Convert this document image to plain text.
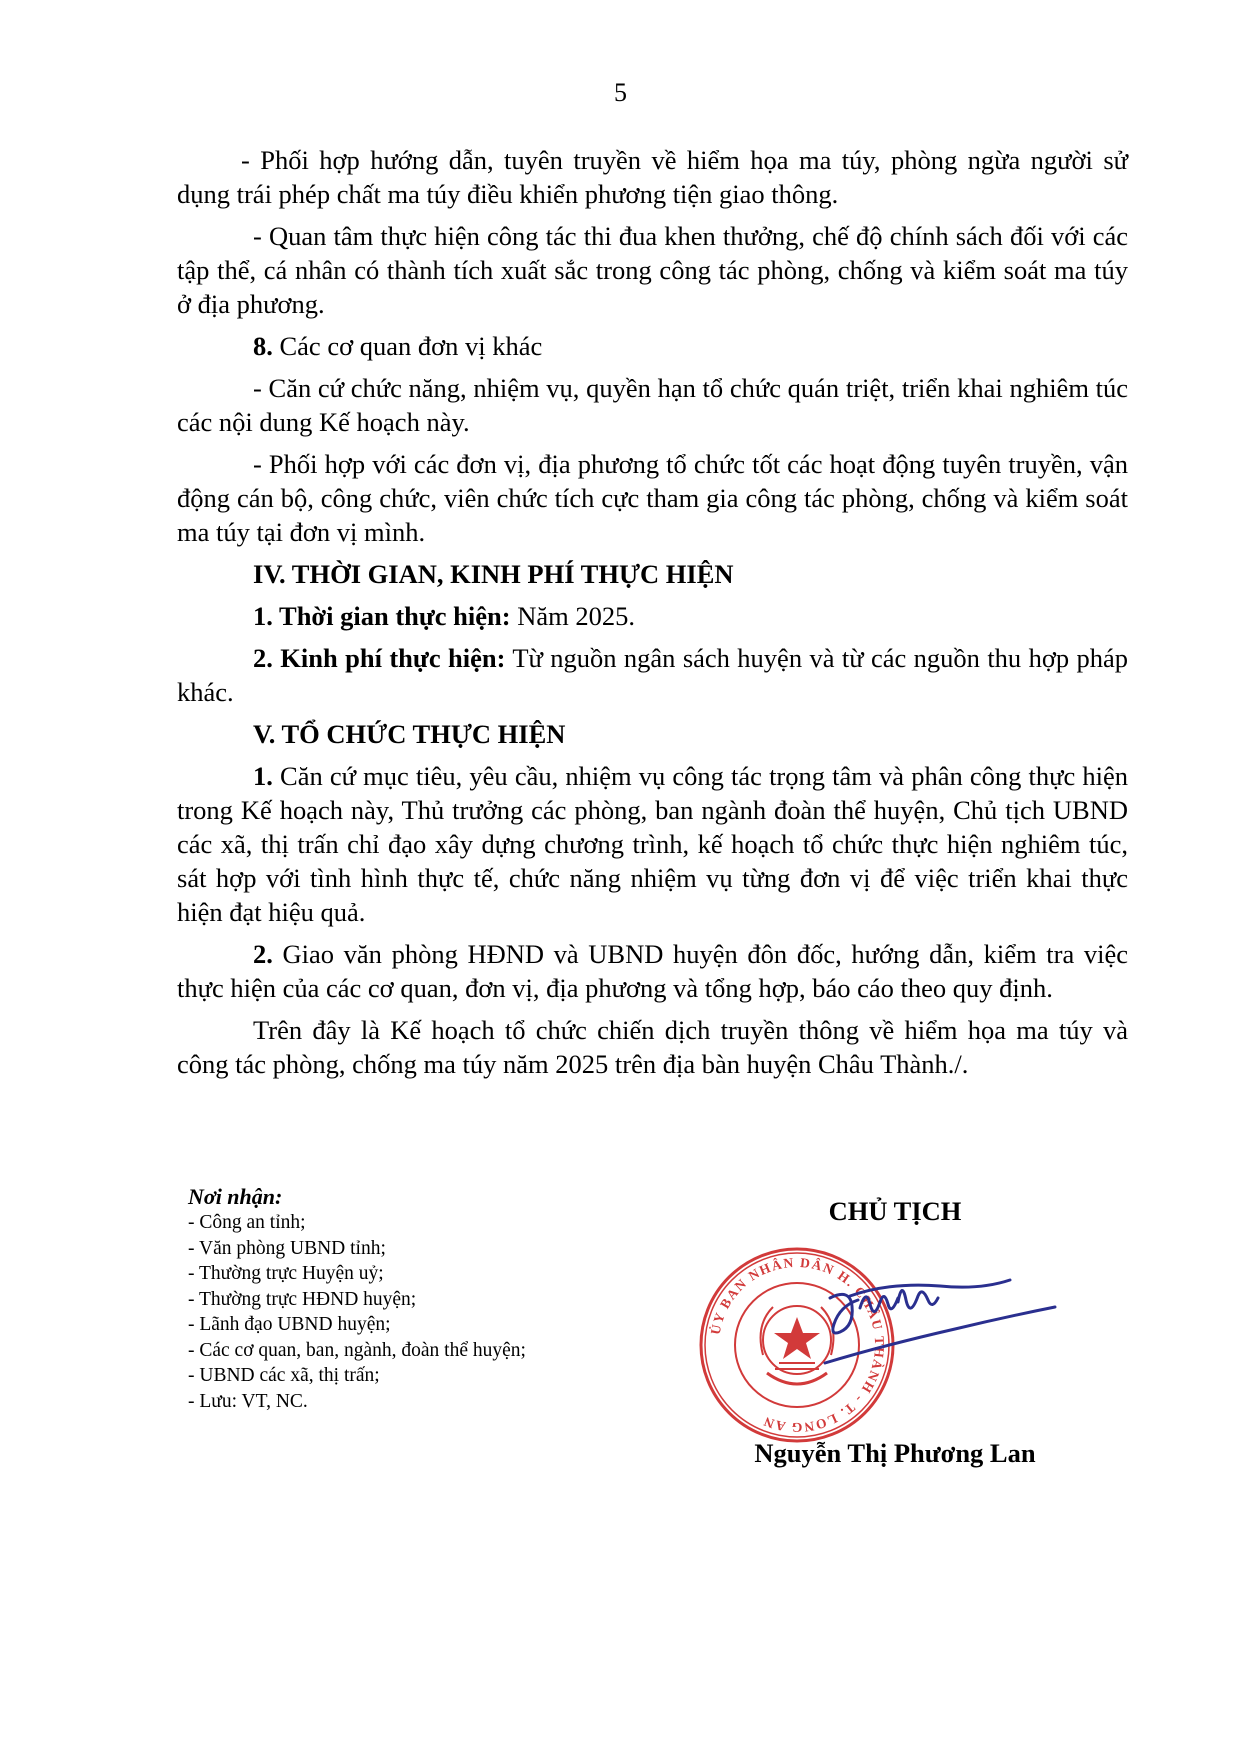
5

- Phối hợp hướng dẫn, tuyên truyền về hiểm họa ma túy, phòng ngừa người sử dụng trái phép chất ma túy điều khiển phương tiện giao thông.

- Quan tâm thực hiện công tác thi đua khen thưởng, chế độ chính sách đối với các tập thể, cá nhân có thành tích xuất sắc trong công tác phòng, chống và kiểm soát ma túy ở địa phương.

8. Các cơ quan đơn vị khác

- Căn cứ chức năng, nhiệm vụ, quyền hạn tổ chức quán triệt, triển khai nghiêm túc các nội dung Kế hoạch này.

- Phối hợp với các đơn vị, địa phương tổ chức tốt các hoạt động tuyên truyền, vận động cán bộ, công chức, viên chức tích cực tham gia công tác phòng, chống và kiểm soát ma túy tại đơn vị mình.

IV. THỜI GIAN, KINH PHÍ THỰC HIỆN

1. Thời gian thực hiện: Năm 2025.

2. Kinh phí thực hiện: Từ nguồn ngân sách huyện và từ các nguồn thu hợp pháp khác.

V. TỔ CHỨC THỰC HIỆN

1. Căn cứ mục tiêu, yêu cầu, nhiệm vụ công tác trọng tâm và phân công thực hiện trong Kế hoạch này, Thủ trưởng các phòng, ban ngành đoàn thể huyện, Chủ tịch UBND các xã, thị trấn chỉ đạo xây dựng chương trình, kế hoạch tổ chức thực hiện nghiêm túc, sát hợp với tình hình thực tế, chức năng nhiệm vụ từng đơn vị để việc triển khai thực hiện đạt hiệu quả.

2. Giao văn phòng HĐND và UBND huyện đôn đốc, hướng dẫn, kiểm tra việc thực hiện của các cơ quan, đơn vị, địa phương và tổng hợp, báo cáo theo quy định.

Trên đây là Kế hoạch tổ chức chiến dịch truyền thông về hiểm họa ma túy và công tác phòng, chống ma túy năm 2025 trên địa bàn huyện Châu Thành./.

Nơi nhận:
- Công an tỉnh;
- Văn phòng UBND tỉnh;
- Thường trực Huyện uỷ;
- Thường trực HĐND huyện;
- Lãnh đạo UBND huyện;
- Các cơ quan, ban, ngành, đoàn thể huyện;
- UBND các xã, thị trấn;
- Lưu: VT, NC.
CHỦ TỊCH
ỦY BAN NHÂN DÂN H. CHÂU THÀNH - T. LONG AN
Nguyễn Thị Phương Lan
